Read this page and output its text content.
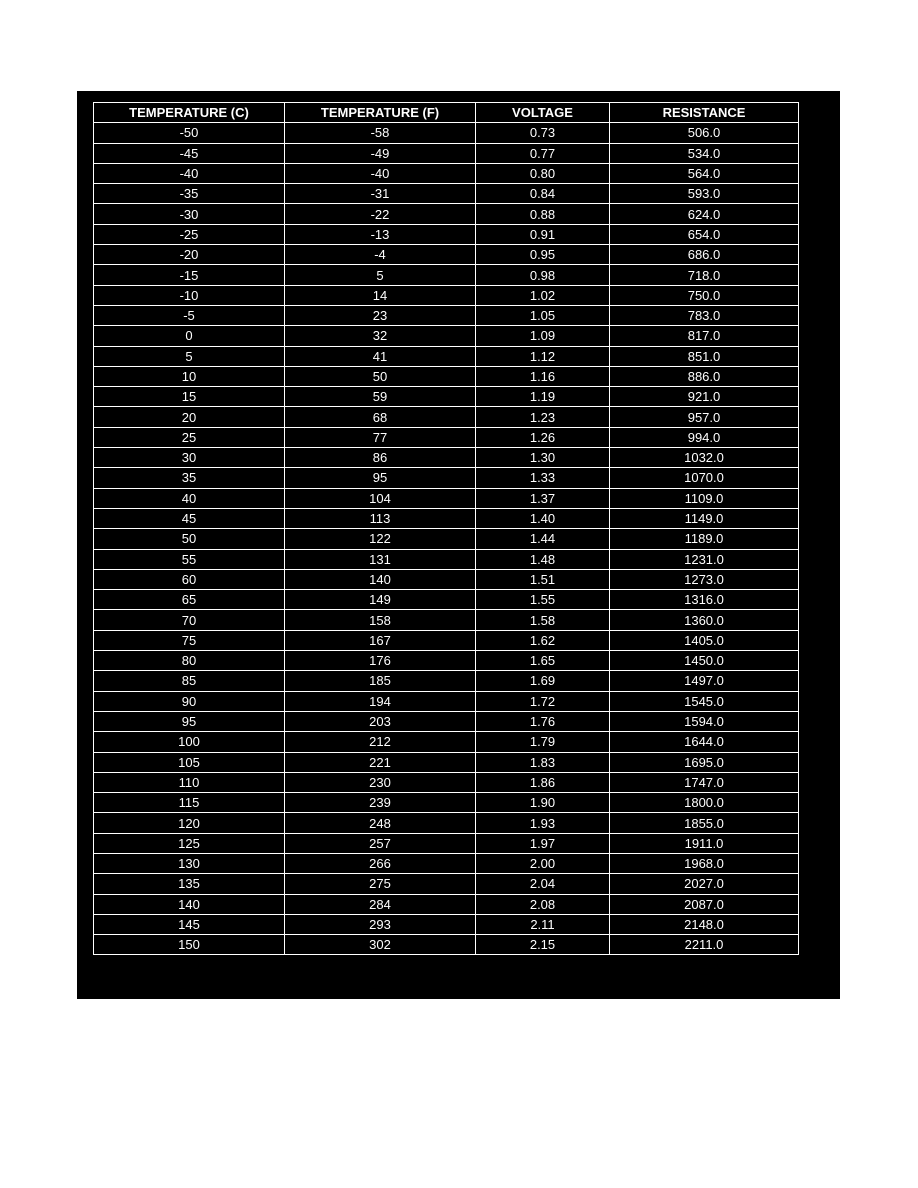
TEMPERATURE (C)	TEMPERATURE (F)	VOLTAGE	RESISTANCE
-50	-58	0.73	506.0
-45	-49	0.77	534.0
-40	-40	0.80	564.0
-35	-31	0.84	593.0
-30	-22	0.88	624.0
-25	-13	0.91	654.0
-20	-4	0.95	686.0
-15	5	0.98	718.0
-10	14	1.02	750.0
-5	23	1.05	783.0
0	32	1.09	817.0
5	41	1.12	851.0
10	50	1.16	886.0
15	59	1.19	921.0
20	68	1.23	957.0
25	77	1.26	994.0
30	86	1.30	1032.0
35	95	1.33	1070.0
40	104	1.37	1109.0
45	113	1.40	1149.0
50	122	1.44	1189.0
55	131	1.48	1231.0
60	140	1.51	1273.0
65	149	1.55	1316.0
70	158	1.58	1360.0
75	167	1.62	1405.0
80	176	1.65	1450.0
85	185	1.69	1497.0
90	194	1.72	1545.0
95	203	1.76	1594.0
100	212	1.79	1644.0
105	221	1.83	1695.0
110	230	1.86	1747.0
115	239	1.90	1800.0
120	248	1.93	1855.0
125	257	1.97	1911.0
130	266	2.00	1968.0
135	275	2.04	2027.0
140	284	2.08	2087.0
145	293	2.11	2148.0
150	302	2.15	2211.0
